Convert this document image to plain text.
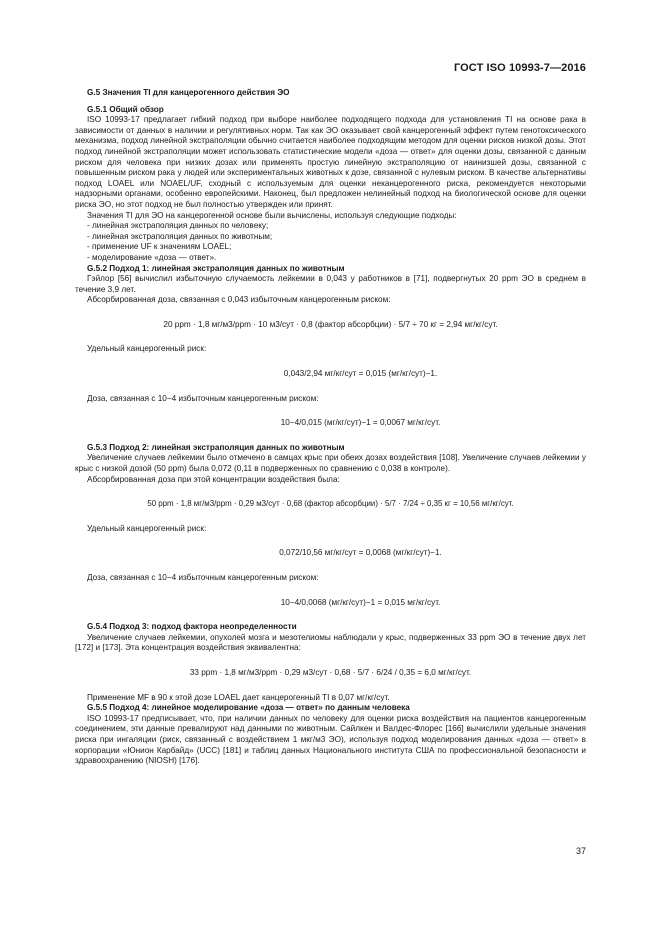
ГОСТ ISO 10993-7—2016

G.5 Значения TI для канцерогенного действия ЭО

G.5.1 Общий обзор

ISO 10993-17 предлагает гибкий подход при выборе наиболее подходящего подхода для установления TI на основе рака в зависимости от данных в наличии и регулятивных норм. Так как ЭО оказывает свой канцерогенный эффект путем генотоксического механизма, подход линейной экстраполяции обычно считается наиболее подходящим методом для оценки рисков низкой дозы. Этот подход линейной экстраполяции может использовать статистические модели «доза — ответ» для оценки дозы, связанной с данным риском для человека при низких дозах или применять простую линейную экстраполяцию от наинизшей дозы, связанной с повышенным риском рака у людей или экспериментальных животных к дозе, связанной с нулевым риском. В качестве альтернативы подход LOAEL или NOAEL/UF, сходный с используемым для оценки неканцерогенного риска, рекомендуется некоторыми надзорными органами, особенно европейскими. Наконец, был предложен нелинейный подход на биологической основе для оценки риска ЭО, но этот подход не был полностью утвержден или принят.

Значения TI для ЭО на канцерогенной основе были вычислены, используя следующие подходы:

- линейная экстраполяция данных по человеку;

- линейная экстраполяция данных по животным;

- применение UF к значениям LOAEL;

- моделирование «доза — ответ».

G.5.2 Подход 1: линейная экстраполяция данных по животным

Гэйлор [56] вычислил избыточную случаемость лейкемии в 0,043 у работников в [71], подвергнутых 20 ppm ЭО в среднем в течение 3,9 лет.

Абсорбированная доза, связанная с 0,043 избыточным канцерогенным риском:

20 ppm · 1,8 мг/м3/ppm · 10 м3/сут · 0,8 (фактор абсорбции) · 5/7 ÷ 70 кг = 2,94 мг/кг/сут.

Удельный канцерогенный риск:

0,043/2,94 мг/кг/сут = 0,015 (мг/кг/сут)−1.

Доза, связанная с 10−4 избыточным канцерогенным риском:

10−4/0,015 (мг/кг/сут)−1 = 0,0067 мг/кг/сут.

G.5.3 Подход 2: линейная экстраполяция данных по животным

Увеличение случаев лейкемии было отмечено в самцах крыс при обеих дозах воздействия [108]. Увеличение случаев лейкемии у крыс с низкой дозой (50 ppm) была 0,072 (0,11 в подверженных по сравнению с 0,038 в контроле).

Абсорбированная доза при этой концентрации воздействия была:

50 ppm · 1,8 мг/м3/ppm · 0,29 м3/сут · 0,68 (фактор абсорбции) · 5/7 · 7/24 ÷ 0,35 кг = 10,56 мг/кг/сут.

Удельный канцерогенный риск:

0,072/10,56 мг/кг/сут = 0,0068 (мг/кг/сут)−1.

Доза, связанная с 10−4 избыточным канцерогенным риском:

10−4/0,0068 (мг/кг/сут)−1 = 0,015 мг/кг/сут.

G.5.4 Подход 3: подход фактора неопределенности

Увеличение случаев лейкемии, опухолей мозга и мезотелиомы наблюдали у крыс, подверженных 33 ppm ЭО в течение двух лет [172] и [173]. Эта концентрация воздействия эквивалентна:

33 ppm · 1,8 мг/м3/ppm · 0,29 м3/сут · 0,68 · 5/7 · 6/24 / 0,35 = 6,0 мг/кг/сут.

Применение MF в 90 к этой дозе LOAEL дает канцерогенный TI в 0,07 мг/кг/сут.

G.5.5 Подход 4: линейное моделирование «доза — ответ» по данным человека

ISO 10993-17 предписывает, что, при наличии данных по человеку для оценки риска воздействия на пациентов канцерогенным соединением, эти данные превалируют над данными по животным. Сайлкен и Валдес-Флорес [166] вычислили удельные значения риска при ингаляции (риск, связанный с воздействием 1 мкг/м3 ЭО), используя подход моделирования данных «доза — ответ» в корпорации «Юнион Карбайд» (UCC) [181] и таблиц данных Национального института США по профессиональной безопасности и здравоохранению (NIOSH) [176].

37
